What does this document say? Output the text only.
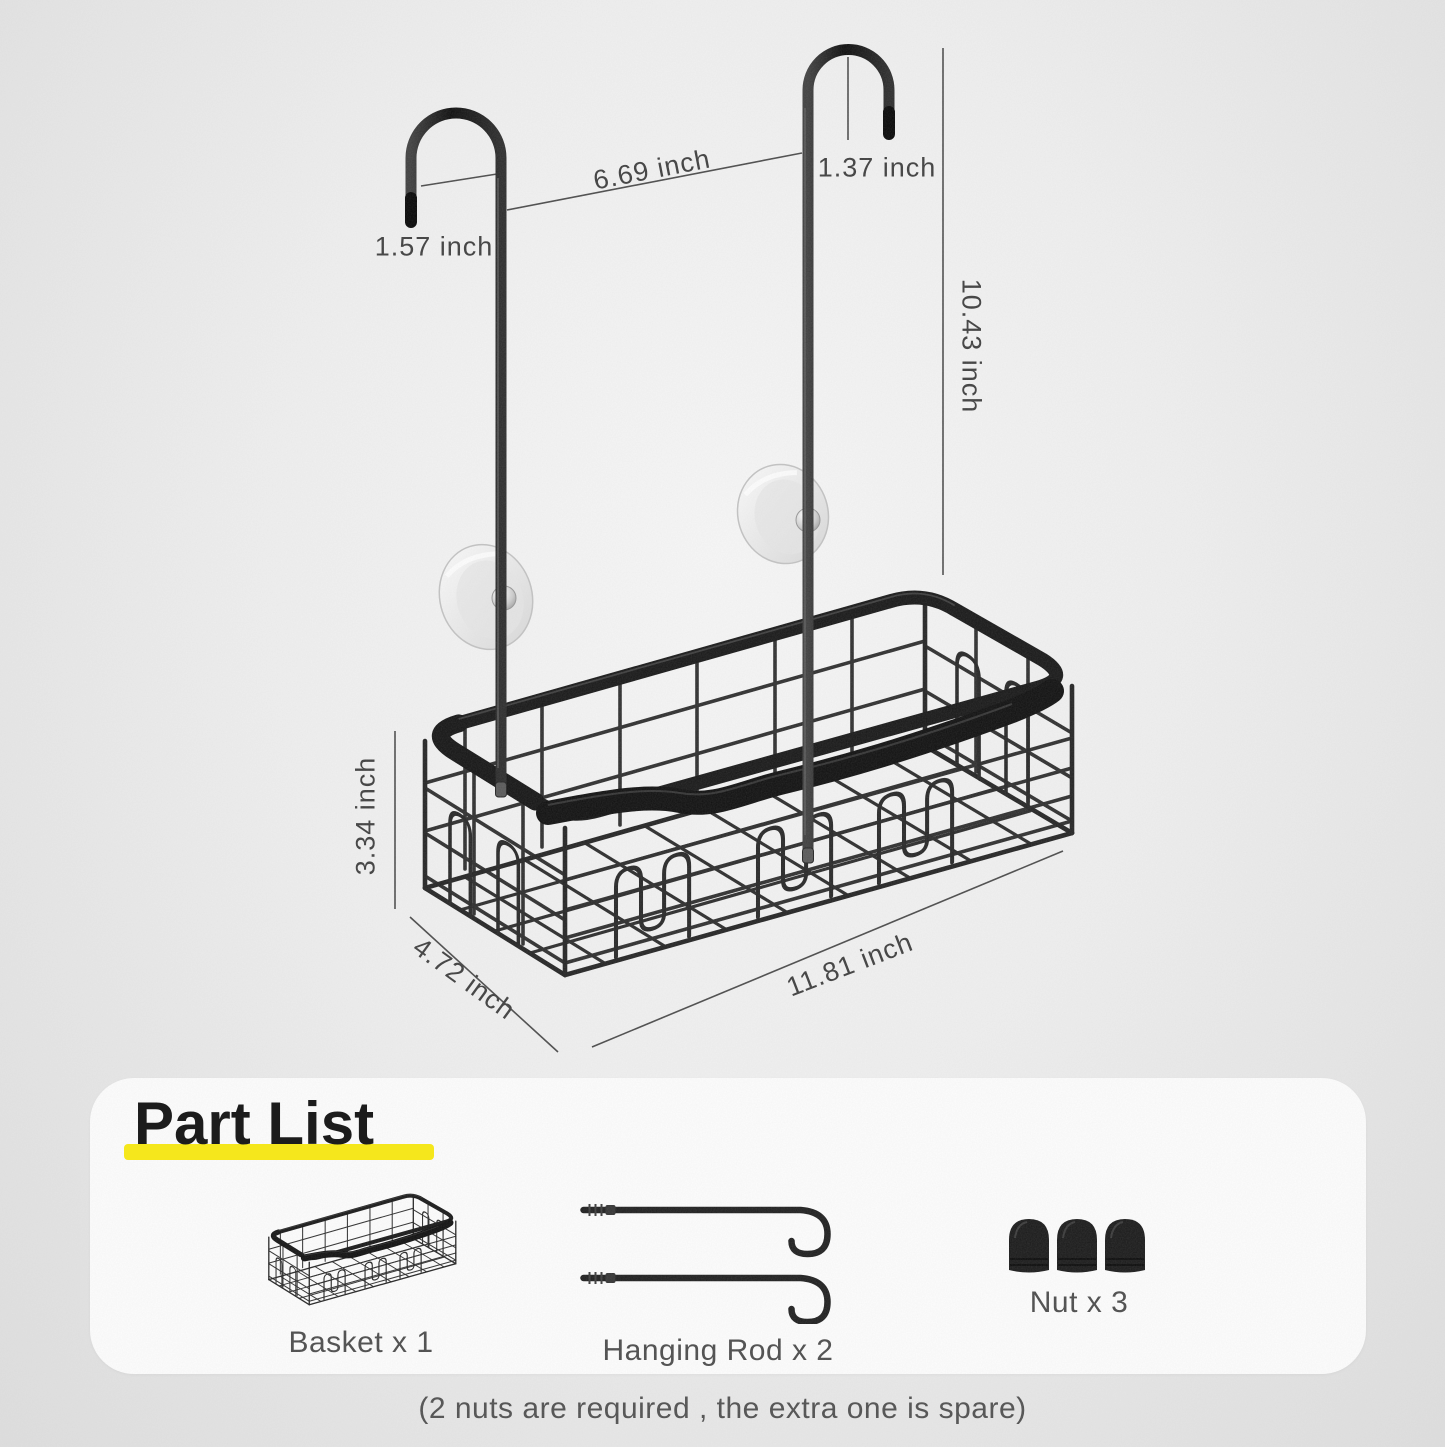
6.69 inch	1.37 inch
1.57 inch
10.43 inch
3.34 inch
4.72 inch	11.81 inch
Part List
Basket x 1	Hanging Rod x 2
Nut x 3
(2 nuts are required , the extra one is spare)
